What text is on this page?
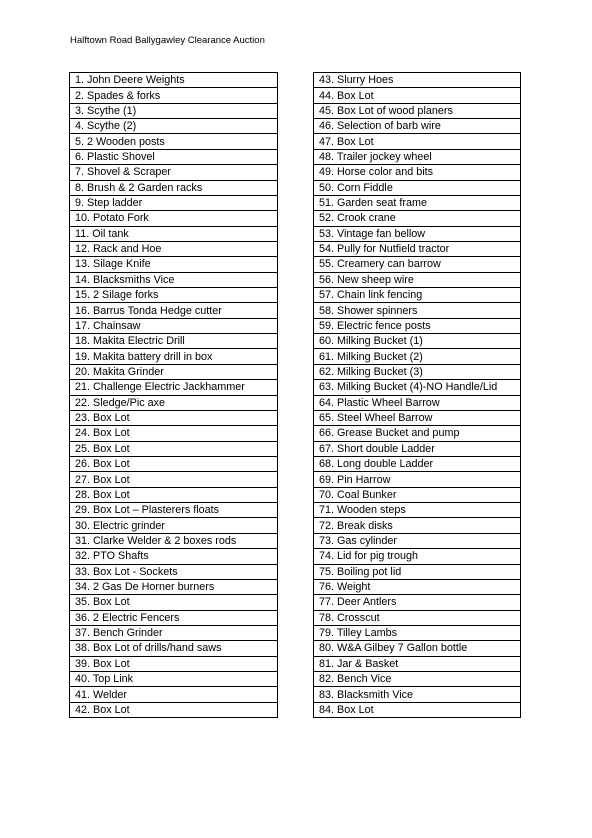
Halftown Road Ballygawley Clearance Auction
1. John Deere Weights
2. Spades & forks
3. Scythe (1)
4. Scythe (2)
5. 2 Wooden posts
6. Plastic Shovel
7. Shovel & Scraper
8. Brush & 2 Garden racks
9. Step ladder
10. Potato Fork
11. Oil tank
12. Rack and Hoe
13. Silage Knife
14. Blacksmiths Vice
15. 2 Silage forks
16. Barrus Tonda Hedge cutter
17. Chainsaw
18. Makita Electric Drill
19. Makita battery drill in box
20. Makita Grinder
21. Challenge Electric Jackhammer
22. Sledge/Pic axe
23. Box Lot
24. Box Lot
25. Box Lot
26. Box Lot
27. Box Lot
28. Box Lot
29. Box Lot – Plasterers floats
30. Electric grinder
31. Clarke Welder & 2 boxes rods
32. PTO Shafts
33. Box Lot - Sockets
34. 2 Gas De Horner burners
35. Box Lot
36. 2 Electric Fencers
37. Bench Grinder
38. Box Lot of drills/hand saws
39. Box Lot
40. Top Link
41. Welder
42. Box Lot
43. Slurry Hoes
44. Box Lot
45. Box Lot of wood planers
46. Selection of barb wire
47. Box Lot
48. Trailer jockey wheel
49. Horse color and bits
50. Corn Fiddle
51. Garden seat frame
52. Crook crane
53. Vintage fan bellow
54. Pully for Nutfield tractor
55. Creamery can barrow
56. New sheep wire
57. Chain link fencing
58. Shower spinners
59. Electric fence posts
60. Milking Bucket (1)
61. Milking Bucket (2)
62. Milking Bucket (3)
63. Milking Bucket (4)-NO Handle/Lid
64. Plastic Wheel Barrow
65. Steel Wheel Barrow
66. Grease Bucket and pump
67. Short double Ladder
68. Long double Ladder
69. Pin Harrow
70. Coal Bunker
71. Wooden steps
72. Break disks
73. Gas cylinder
74. Lid for pig trough
75. Boiling pot lid
76. Weight
77. Deer Antlers
78. Crosscut
79. Tilley Lambs
80. W&A Gilbey 7 Gallon bottle
81. Jar & Basket
82. Bench Vice
83. Blacksmith Vice
84. Box Lot
